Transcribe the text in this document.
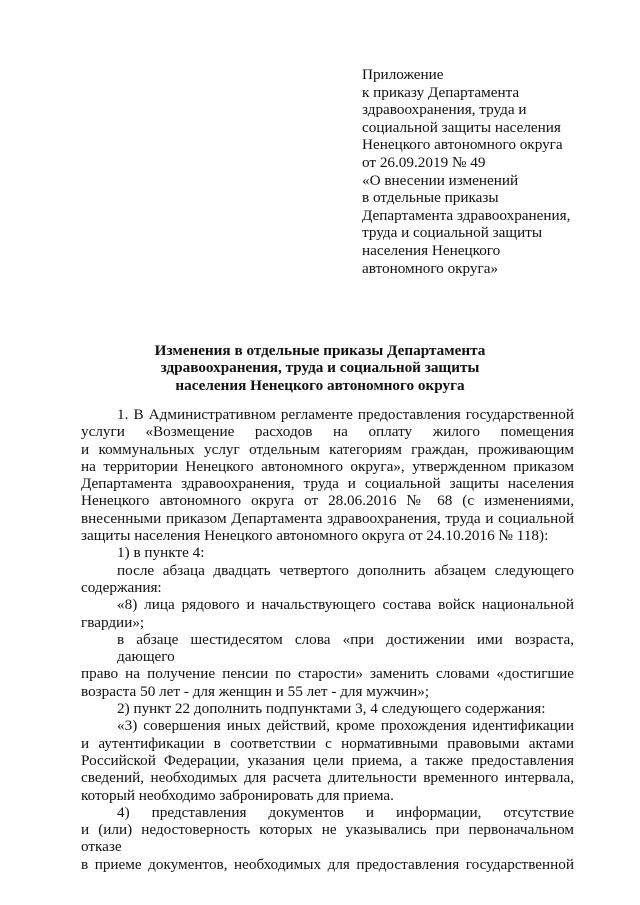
Приложение
к приказу Департамента
здравоохранения, труда и
социальной защиты населения
Ненецкого автономного округа
от 26.09.2019 № 49
«О внесении изменений
в отдельные приказы
Департамента здравоохранения,
труда и социальной защиты
населения Ненецкого
автономного округа»
Изменения в отдельные приказы Департамента
здравоохранения, труда и социальной защиты
населения Ненецкого автономного округа
1. В Административном регламенте предоставления государственной
услуги «Возмещение расходов на оплату жилого помещения
и коммунальных услуг отдельным категориям граждан, проживающим
на территории Ненецкого автономного округа», утвержденном приказом
Департамента здравоохранения, труда и социальной защиты населения
Ненецкого автономного округа от 28.06.2016 № 68 (с изменениями,
внесенными приказом Департамента здравоохранения, труда и социальной
защиты населения Ненецкого автономного округа от 24.10.2016 № 118):
1) в пункте 4:
после абзаца двадцать четвертого дополнить абзацем следующего
содержания:
«8) лица рядового и начальствующего состава войск национальной
гвардии»;
в абзаце шестидесятом слова «при достижении ими возраста, дающего
право на получение пенсии по старости» заменить словами «достигшие
возраста 50 лет - для женщин и 55 лет - для мужчин»;
2) пункт 22 дополнить подпунктами 3, 4 следующего содержания:
«3) совершения иных действий, кроме прохождения идентификации
и аутентификации в соответствии с нормативными правовыми актами
Российской Федерации, указания цели приема, а также предоставления
сведений, необходимых для расчета длительности временного интервала,
который необходимо забронировать для приема.
4) представления документов и информации, отсутствие
и (или) недостоверность которых не указывались при первоначальном отказе
в приеме документов, необходимых для предоставления государственной
